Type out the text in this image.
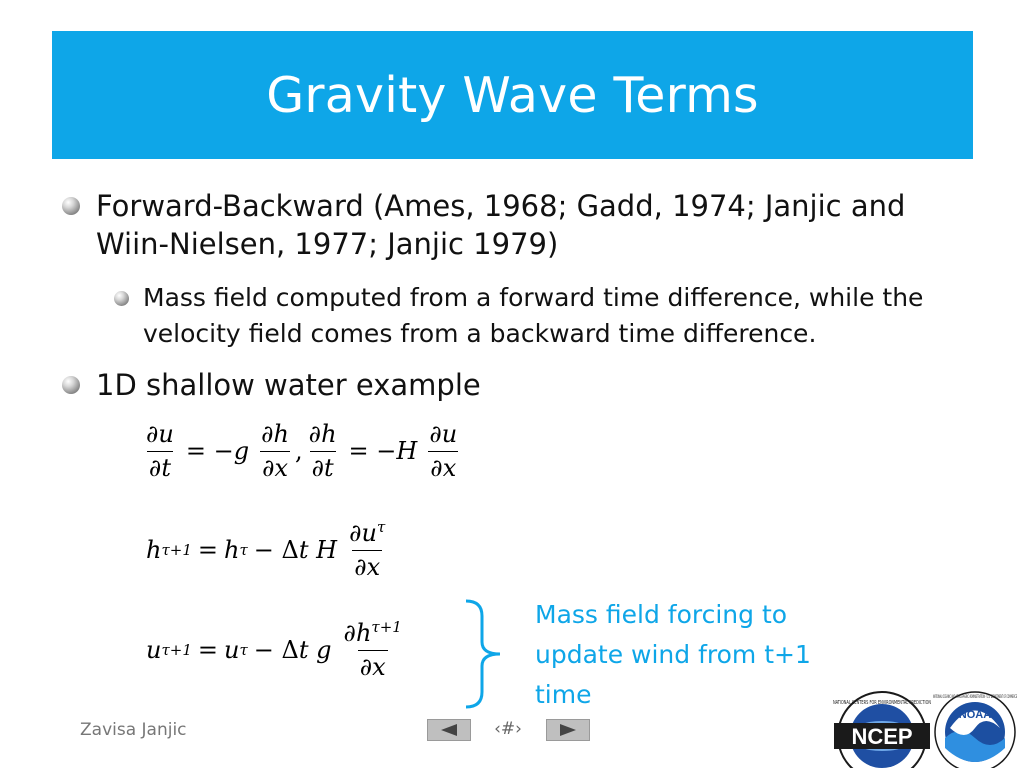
Gravity Wave Terms
Forward-Backward (Ames, 1968; Gadd, 1974; Janjic and Wiin-Nielsen, 1977; Janjic 1979)
Mass field computed from a forward time difference, while the velocity field comes from a backward time difference.
1D shallow water example
$\frac{\partial u}{\partial t} = -g \frac{\partial h}{\partial x}$ , $\frac{\partial h}{\partial t} = -H \frac{\partial u}{\partial x}$
h τ+1 = h τ − Δt H $\frac{\partial u^\tau}{\partial x}$
u τ+1 = u τ − Δt g $\frac{\partial h^{\tau+1}}{\partial x}$
Mass field forcing to update wind from t+1 time
Zavisa Janjic	‹#›	NCEP
NATIONAL CENTERS FOR ENVIRONMENTAL PREDICTION
NOAA
NATIONAL OCEANIC AND ATMOSPHERIC ADMINISTRATION · U.S. DEPARTMENT OF COMMERCE
